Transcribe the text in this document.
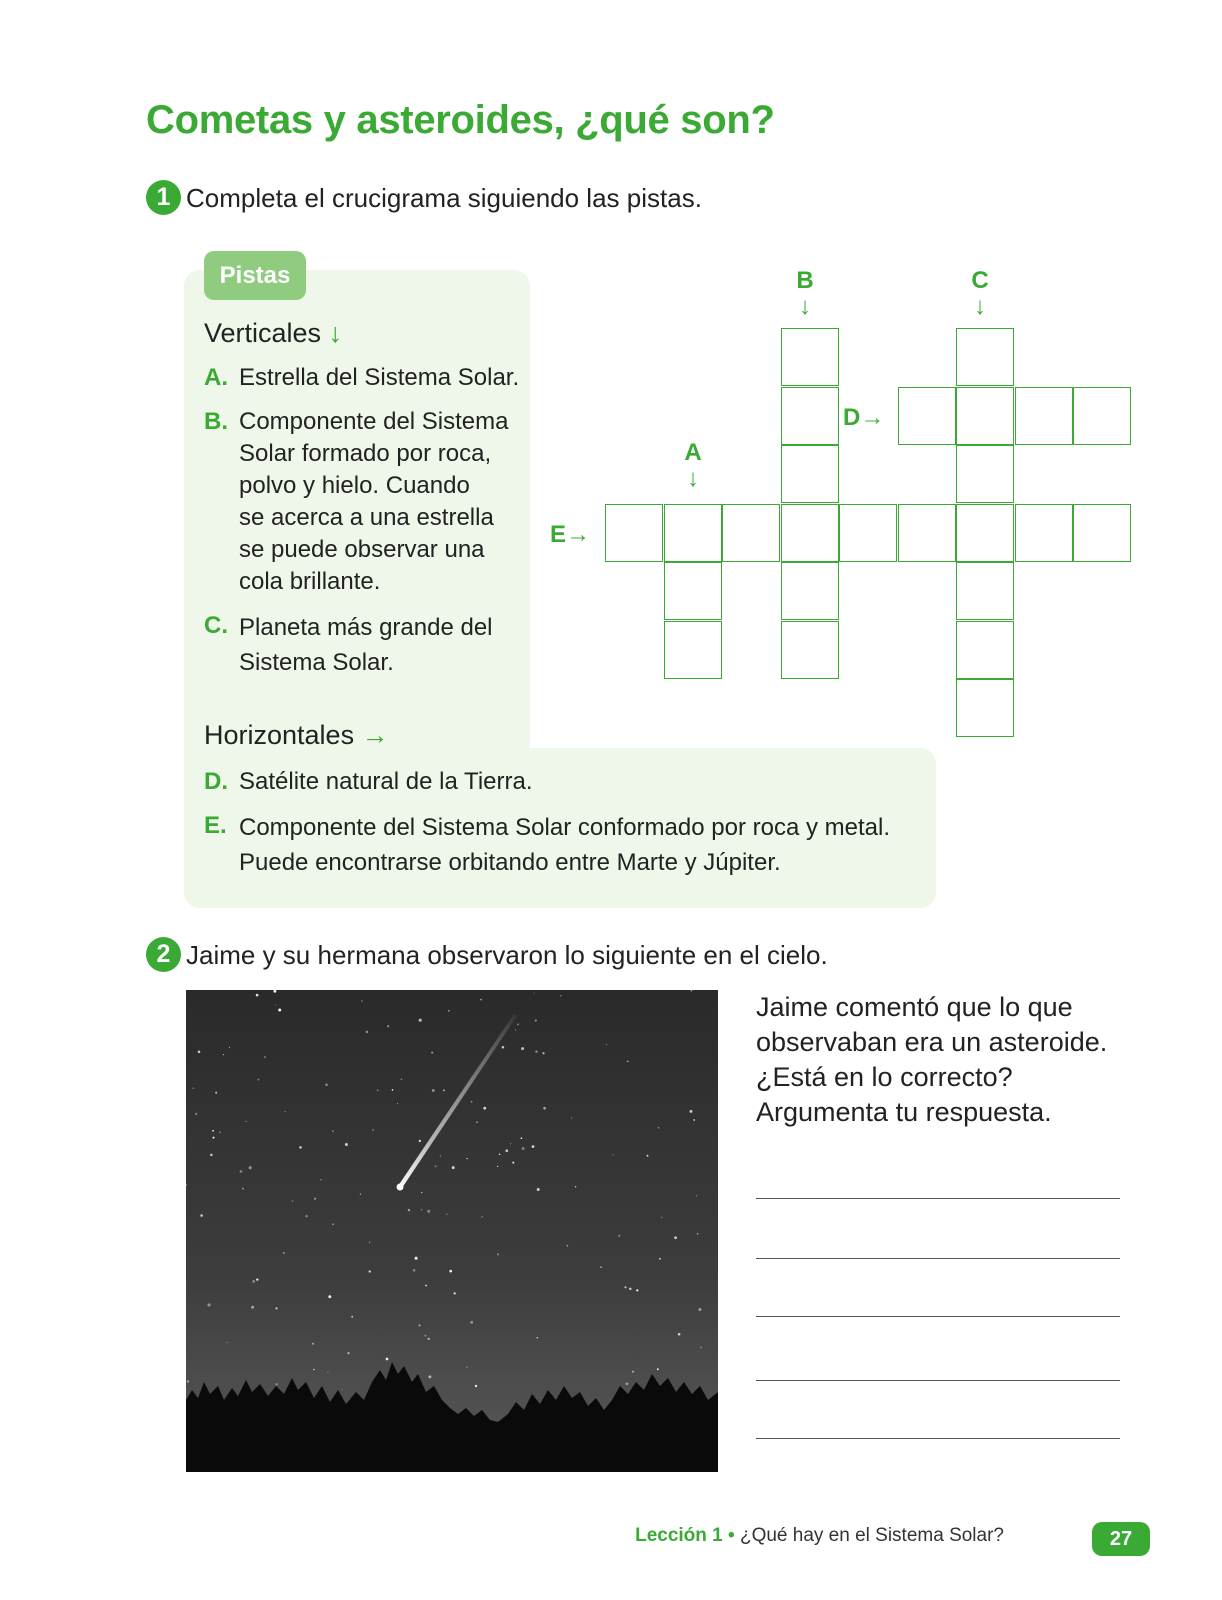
Cometas y asteroides, ¿qué son?
1 Completa el crucigrama siguiendo las pistas.
Pistas
Verticales ↓
A. Estrella del Sistema Solar.
B. Componente del Sistema
Solar formado por roca,
polvo y hielo. Cuando
se acerca a una estrella
se puede observar una
cola brillante.
C. Planeta más grande del
Sistema Solar.
Horizontales →
D. Satélite natural de la Tierra.
E. Componente del Sistema Solar conformado por roca y metal.
Puede encontrarse orbitando entre Marte y Júpiter.
B
↓
C
↓
A
↓
D→
E→
2 Jaime y su hermana observaron lo siguiente en el cielo.
Jaime comentó que lo que
observaban era un asteroide.
¿Está en lo correcto?
Argumenta tu respuesta.
Lección 1 • ¿Qué hay en el Sistema Solar?	27
